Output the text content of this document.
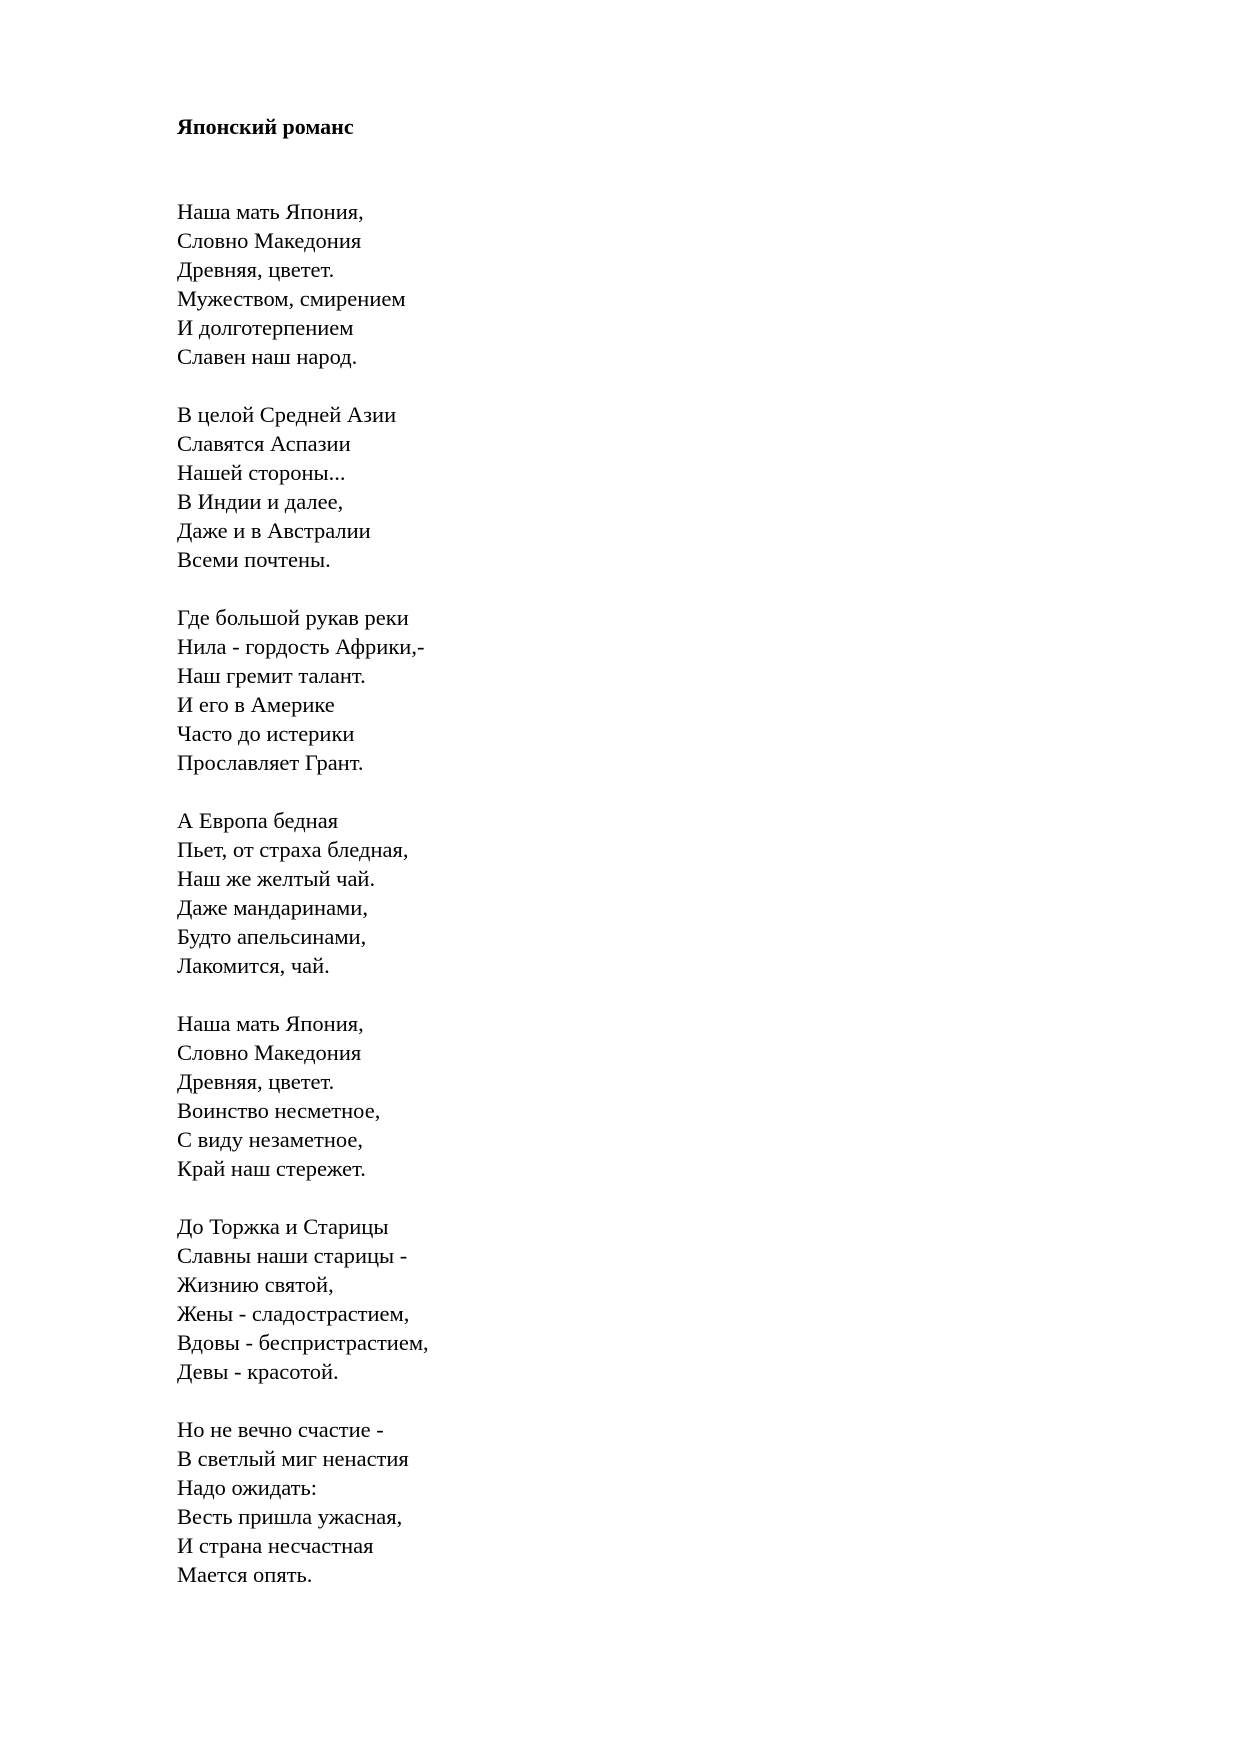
Японский романс
Наша мать Япония,
Словно Македония
Древняя, цветет.
Мужеством, смирением
И долготерпением
Славен наш народ.
В целой Средней Азии
Славятся Аспазии
Нашей стороны...
В Индии и далее,
Даже и в Австралии
Всеми почтены.
Где большой рукав реки
Нила - гордость Африки,-
Наш гремит талант.
И его в Америке
Часто до истерики
Прославляет Грант.
А Европа бедная
Пьет, от страха бледная,
Наш же желтый чай.
Даже мандаринами,
Будто апельсинами,
Лакомится, чай.
Наша мать Япония,
Словно Македония
Древняя, цветет.
Воинство несметное,
С виду незаметное,
Край наш стережет.
До Торжка и Старицы
Славны наши старицы -
Жизнию святой,
Жены - сладострастием,
Вдовы - беспристрастием,
Девы - красотой.
Но не вечно счастие -
В светлый миг ненастия
Надо ожидать:
Весть пришла ужасная,
И страна несчастная
Мается опять.
